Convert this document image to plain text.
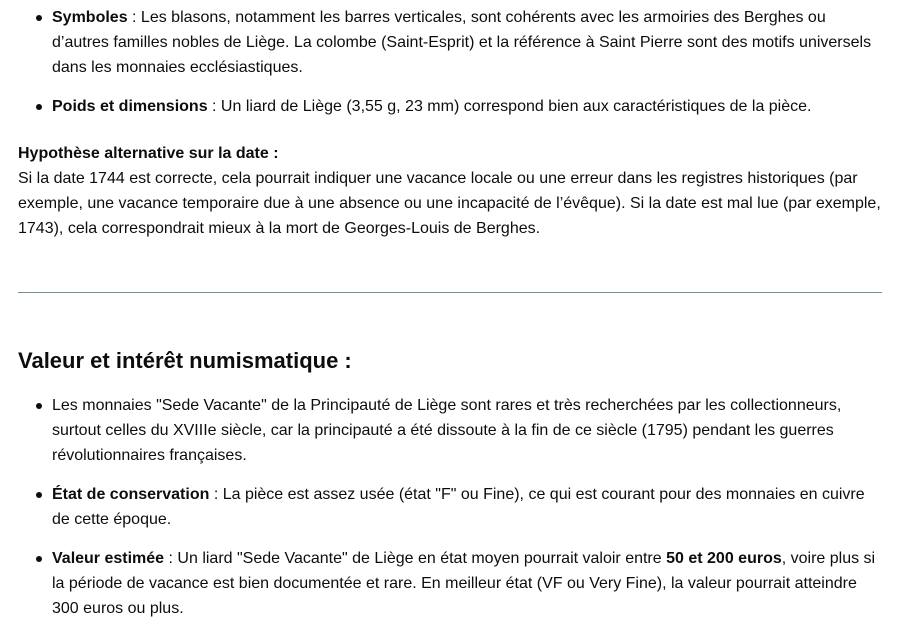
Symboles : Les blasons, notamment les barres verticales, sont cohérents avec les armoiries des Berghes ou d’autres familles nobles de Liège. La colombe (Saint-Esprit) et la référence à Saint Pierre sont des motifs universels dans les monnaies ecclésiastiques.
Poids et dimensions : Un liard de Liège (3,55 g, 23 mm) correspond bien aux caractéristiques de la pièce.

Hypothèse alternative sur la date :

Si la date 1744 est correcte, cela pourrait indiquer une vacance locale ou une erreur dans les registres historiques (par exemple, une vacance temporaire due à une absence ou une incapacité de l’évêque). Si la date est mal lue (par exemple, 1743), cela correspondrait mieux à la mort de Georges-Louis de Berghes.

Valeur et intérêt numismatique :
Les monnaies "Sede Vacante" de la Principauté de Liège sont rares et très recherchées par les collectionneurs, surtout celles du XVIIIe siècle, car la principauté a été dissoute à la fin de ce siècle (1795) pendant les guerres révolutionnaires françaises.
État de conservation : La pièce est assez usée (état "F" ou Fine), ce qui est courant pour des monnaies en cuivre de cette époque.
Valeur estimée : Un liard "Sede Vacante" de Liège en état moyen pourrait valoir entre 50 et 200 euros, voire plus si la période de vacance est bien documentée et rare. En meilleur état (VF ou Very Fine), la valeur pourrait atteindre 300 euros ou plus.
